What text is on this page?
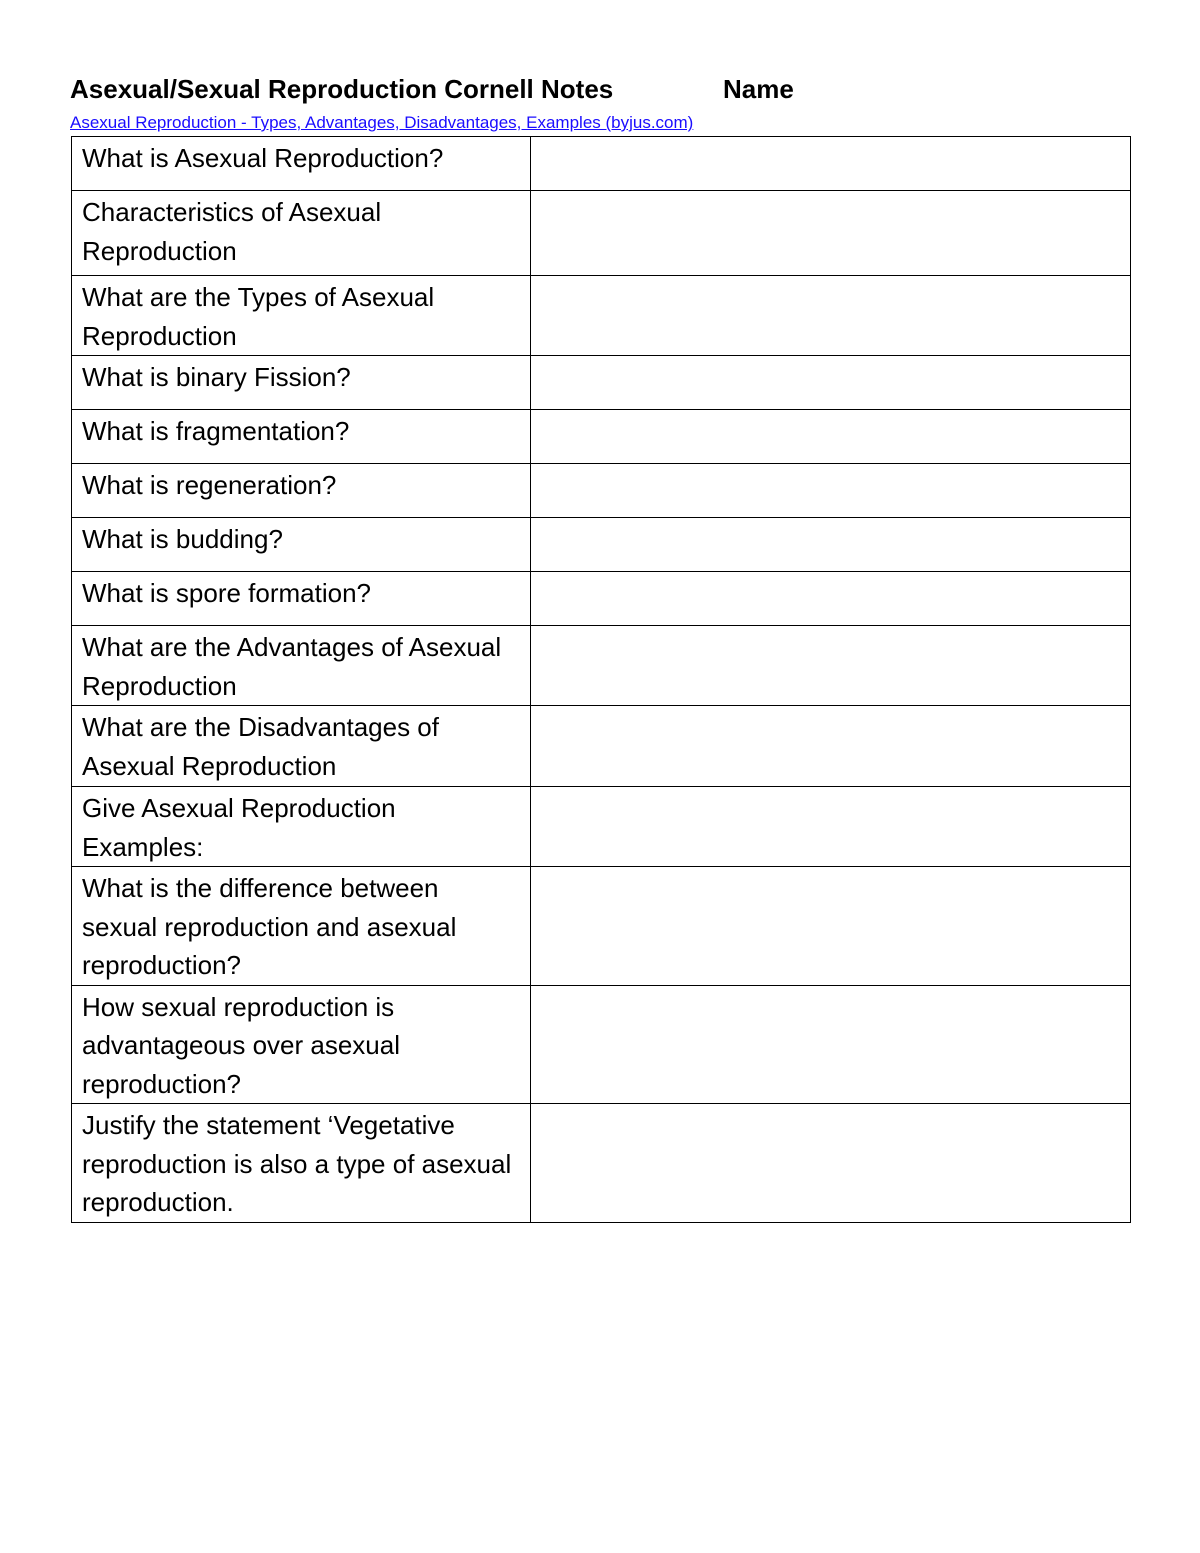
Asexual/Sexual Reproduction Cornell Notes	Name
Asexual Reproduction - Types, Advantages, Disadvantages, Examples (byjus.com)
What is Asexual Reproduction?	
Characteristics of Asexual Reproduction	
What are the Types of Asexual Reproduction	
What is binary Fission?	
What is fragmentation?	
What is regeneration?	
What is budding?	
What is spore formation?	
What are the Advantages of Asexual Reproduction	
What are the Disadvantages of Asexual Reproduction	
Give Asexual Reproduction Examples:	
What is the difference between sexual reproduction and asexual reproduction?	
How sexual reproduction is advantageous over asexual reproduction?	
Justify the statement ‘Vegetative reproduction is also a type of asexual reproduction.	
